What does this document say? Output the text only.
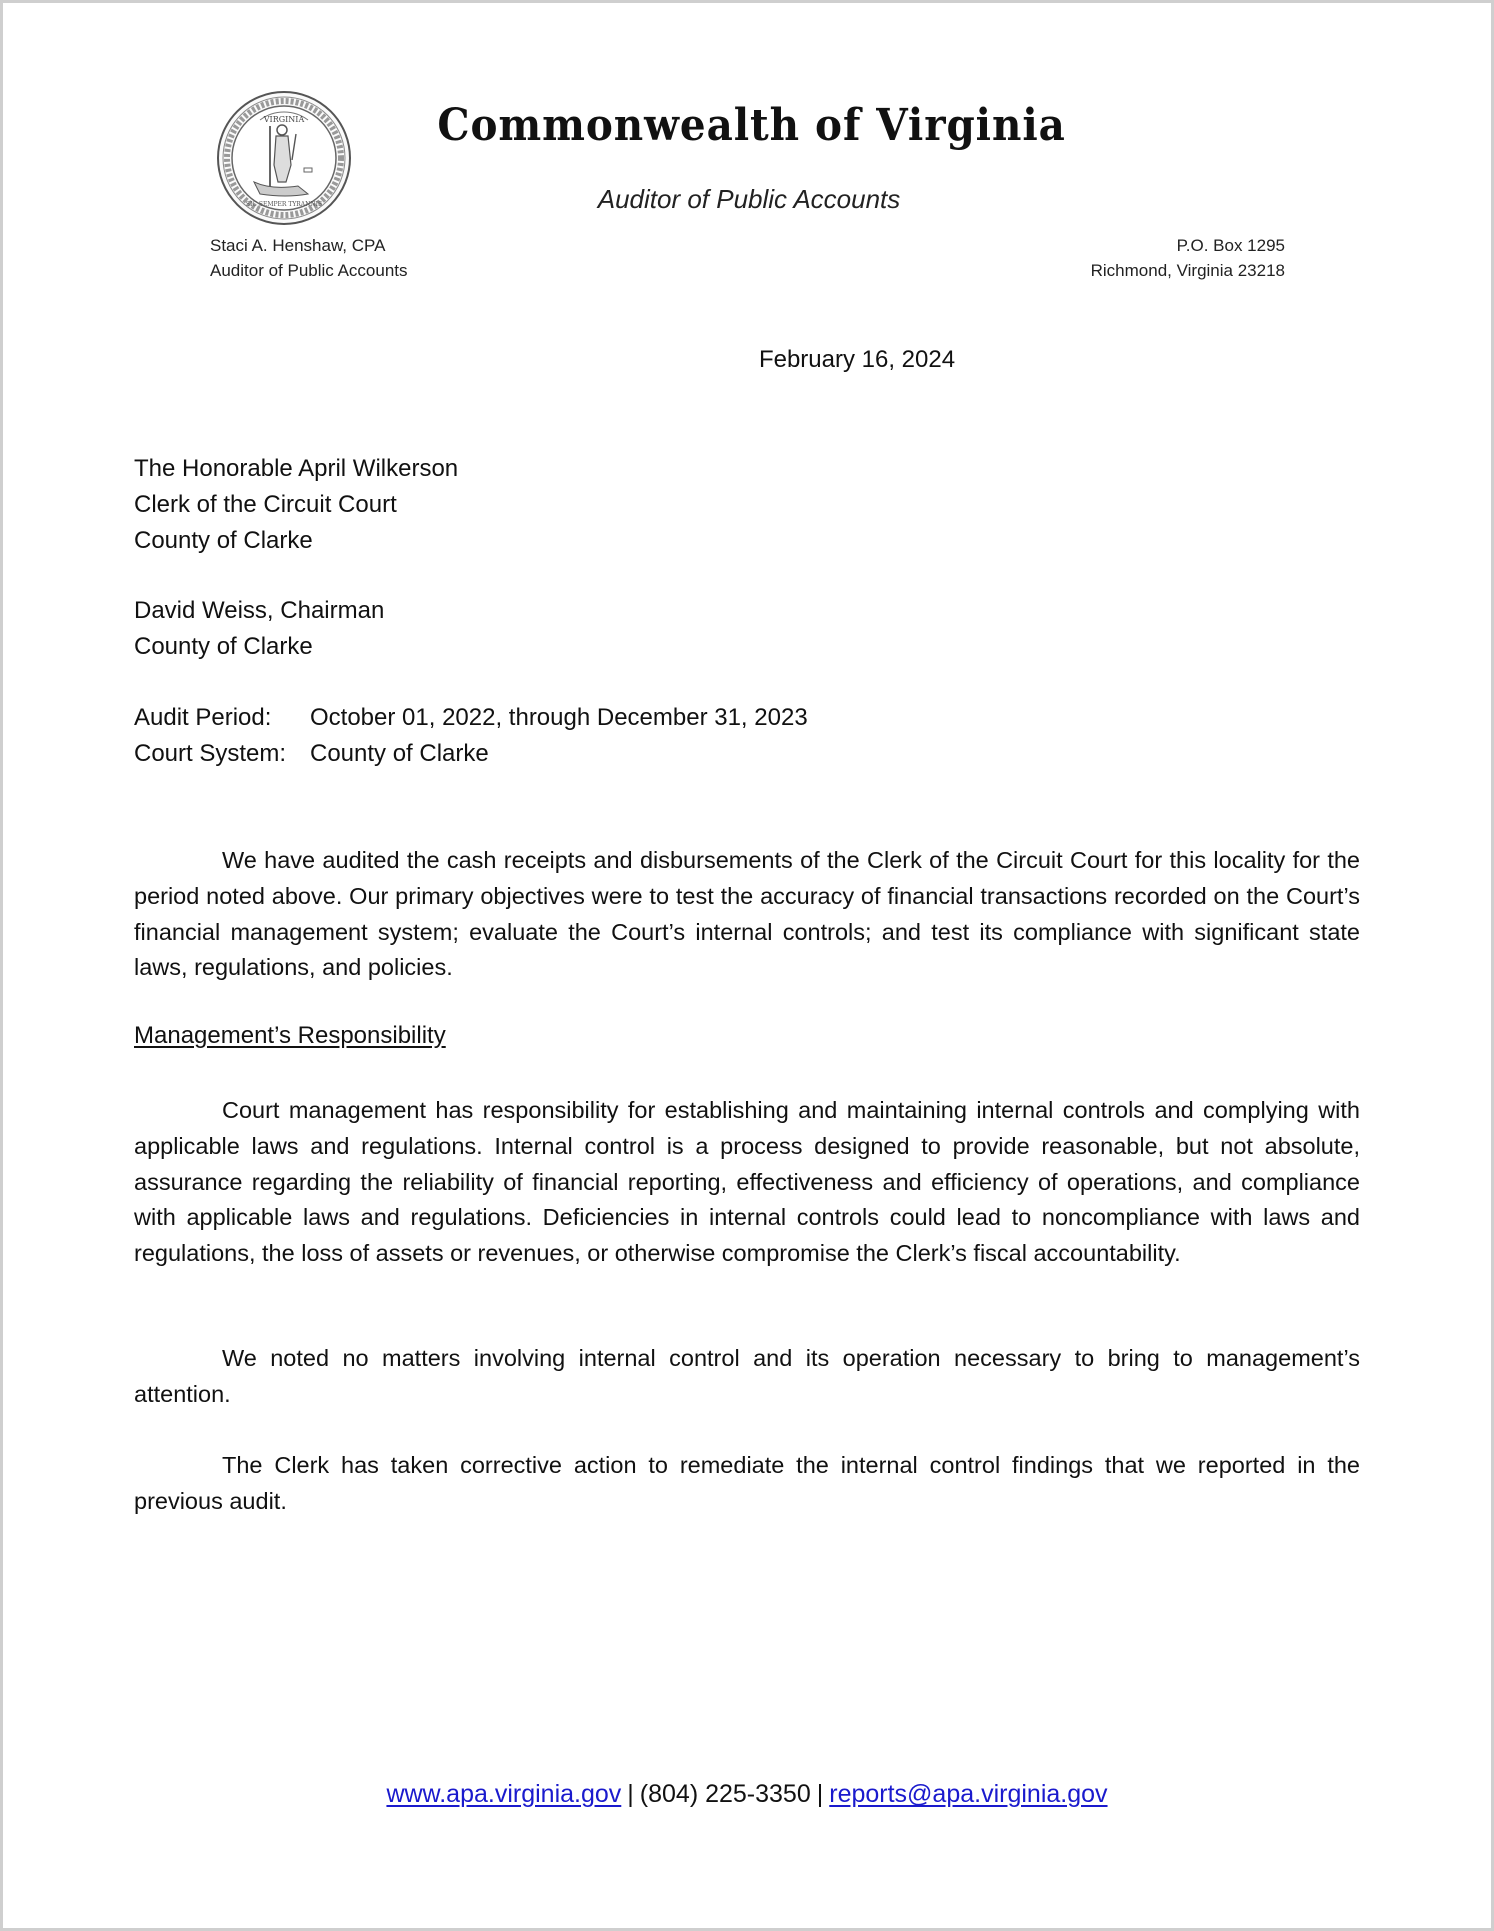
VIRGINIA
SIC SEMPER TYRANNIS
Commonwealth of Virginia
Auditor of Public Accounts
Staci A. Henshaw, CPA
Auditor of Public Accounts
P.O. Box 1295
Richmond, Virginia 23218
February 16, 2024
The Honorable April Wilkerson
Clerk of the Circuit Court
County of Clarke
David Weiss, Chairman
County of Clarke
Audit Period: October 01, 2022, through December 31, 2023
Court System: County of Clarke
We have audited the cash receipts and disbursements of the Clerk of the Circuit Court for this locality for the period noted above. Our primary objectives were to test the accuracy of financial transactions recorded on the Court’s financial management system; evaluate the Court’s internal controls; and test its compliance with significant state laws, regulations, and policies.
Management’s Responsibility
Court management has responsibility for establishing and maintaining internal controls and complying with applicable laws and regulations. Internal control is a process designed to provide reasonable, but not absolute, assurance regarding the reliability of financial reporting, effectiveness and efficiency of operations, and compliance with applicable laws and regulations. Deficiencies in internal controls could lead to noncompliance with laws and regulations, the loss of assets or revenues, or otherwise compromise the Clerk’s fiscal accountability.
We noted no matters involving internal control and its operation necessary to bring to management’s attention.
The Clerk has taken corrective action to remediate the internal control findings that we reported in the previous audit.
www.apa.virginia.gov | (804) 225-3350 | reports@apa.virginia.gov
